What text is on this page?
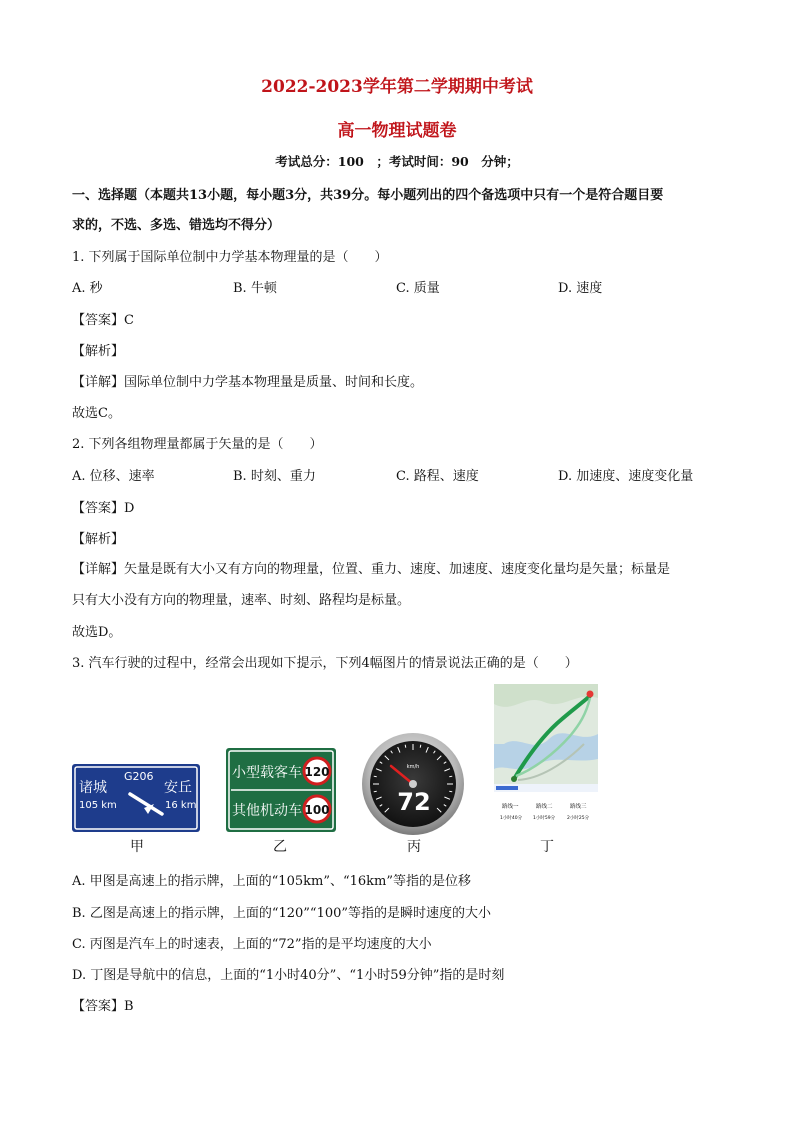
2022-2023学年第二学期期中考试
高一物理试题卷
考试总分：100　；考试时间：90　分钟；
一、选择题（本题共13小题，每小题3分，共39分。每小题列出的四个备选项中只有一个是符合题目要
求的，不选、多选、错选均不得分）
1. 下列属于国际单位制中力学基本物理量的是（　　）
A. 秒	B. 牛顿	C. 质量	D. 速度
【答案】C
【解析】
【详解】国际单位制中力学基本物理量是质量、时间和长度。
故选C。
2. 下列各组物理量都属于矢量的是（　　）
A. 位移、速率	B. 时刻、重力	C. 路程、速度	D. 加速度、速度变化量
【答案】D
【解析】
【详解】矢量是既有大小又有方向的物理量，位置、重力、速度、加速度、速度变化量均是矢量；标量是
只有大小没有方向的物理量，速率、时刻、路程均是标量。
故选D。
3. 汽车行驶的过程中，经常会出现如下提示，下列4幅图片的情景说法正确的是（　　）
G206
诸城
105 km
安丘
16 km
甲
小型载客车 120
其他机动车 100
乙
km/h
72
丙
路线一
1小时40分
路线二
1小时59分
路线三
2小时25分
丁
A. 甲图是高速上的指示牌，上面的“105km”、“16km”等指的是位移
B. 乙图是高速上的指示牌，上面的“120”“100”等指的是瞬时速度的大小
C. 丙图是汽车上的时速表，上面的“72”指的是平均速度的大小
D. 丁图是导航中的信息，上面的“1小时40分”、“1小时59分钟”指的是时刻
【答案】B
